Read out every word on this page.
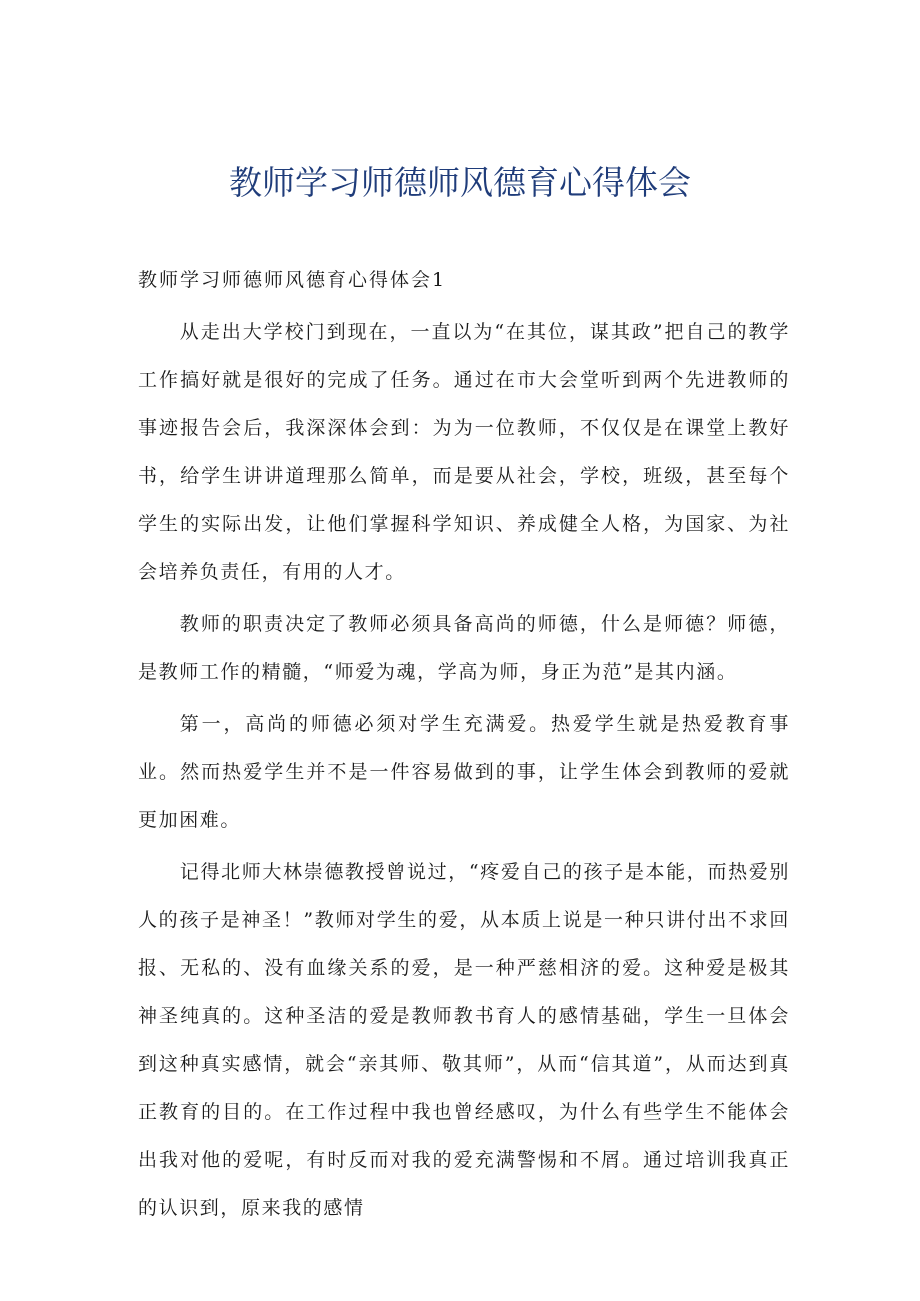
教师学习师德师风德育心得体会

教师学习师德师风德育心得体会1

从走出大学校门到现在，一直以为“在其位，谋其政”把自己的教学工作搞好就是很好的完成了任务。通过在市大会堂听到两个先进教师的事迹报告会后，我深深体会到：为为一位教师，不仅仅是在课堂上教好书，给学生讲讲道理那么简单，而是要从社会，学校，班级，甚至每个学生的实际出发，让他们掌握科学知识、养成健全人格，为国家、为社会培养负责任，有用的人才。

教师的职责决定了教师必须具备高尚的师德，什么是师德？师德，是教师工作的精髓，“师爱为魂，学高为师，身正为范”是其内涵。

第一，高尚的师德必须对学生充满爱。热爱学生就是热爱教育事业。然而热爱学生并不是一件容易做到的事，让学生体会到教师的爱就更加困难。

记得北师大林崇德教授曾说过，“疼爱自己的孩子是本能，而热爱别人的孩子是神圣！”教师对学生的爱，从本质上说是一种只讲付出不求回报、无私的、没有血缘关系的爱，是一种严慈相济的爱。这种爱是极其神圣纯真的。这种圣洁的爱是教师教书育人的感情基础，学生一旦体会到这种真实感情，就会“亲其师、敬其师”，从而“信其道”，从而达到真正教育的目的。在工作过程中我也曾经感叹，为什么有些学生不能体会出我对他的爱呢，有时反而对我的爱充满警惕和不屑。通过培训我真正的认识到，原来我的感情
